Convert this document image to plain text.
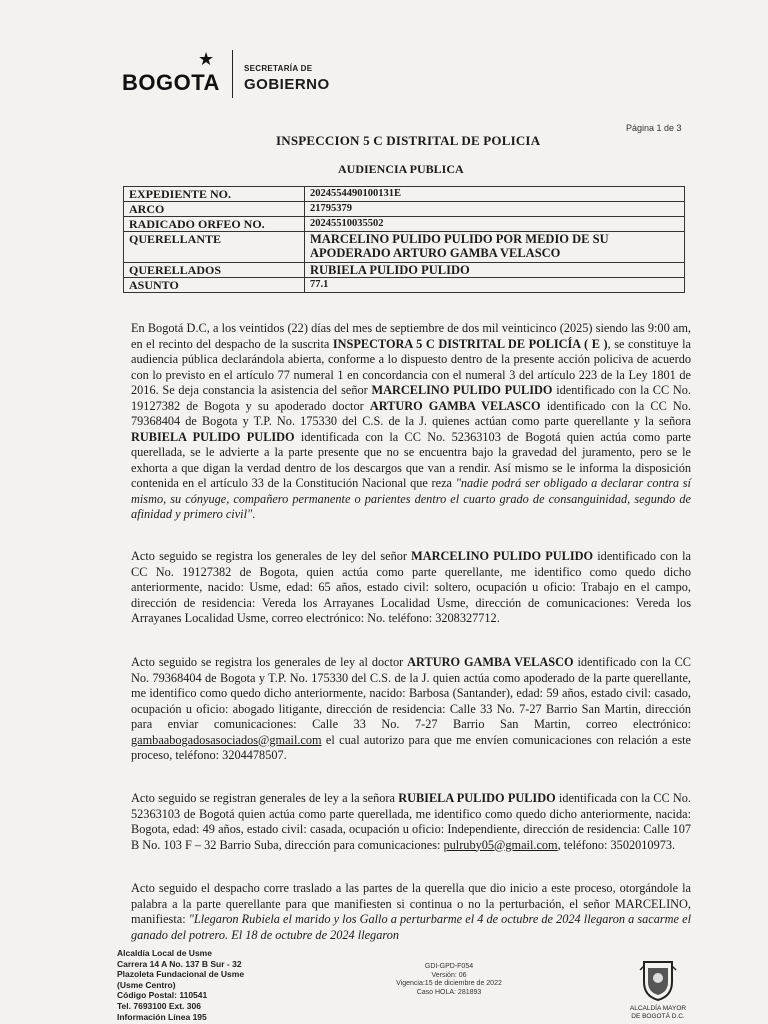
BOGOTA
★	SECRETARÍA DE
GOBIERNO
Página 1 de 3
INSPECCION 5 C DISTRITAL DE POLICIA
AUDIENCIA PUBLICA
EXPEDIENTE NO.	2024554490100131E
ARCO	21795379
RADICADO ORFEO NO.	20245510035502
QUERELLANTE	MARCELINO PULIDO PULIDO POR MEDIO DE SU APODERADO ARTURO GAMBA VELASCO
QUERELLADOS	RUBIELA PULIDO PULIDO
ASUNTO	77.1
En Bogotá D.C, a los veintidos (22) días del mes de septiembre de dos mil veinticinco (2025) siendo las 9:00 am, en el recinto del despacho de la suscrita INSPECTORA 5 C DISTRITAL DE POLICÍA ( E ), se constituye la audiencia pública declarándola abierta, conforme a lo dispuesto dentro de la presente acción policiva de acuerdo con lo previsto en el artículo 77 numeral 1 en concordancia con el numeral 3 del artículo 223 de la Ley 1801 de 2016. Se deja constancia la asistencia del señor MARCELINO PULIDO PULIDO identificado con la CC No. 19127382 de Bogota y su apoderado doctor ARTURO GAMBA VELASCO identificado con la CC No. 79368404 de Bogota y T.P. No. 175330 del C.S. de la J. quienes actúan como parte querellante y la señora RUBIELA PULIDO PULIDO identificada con la CC No. 52363103 de Bogotá quien actúa como parte querellada, se le advierte a la parte presente que no se encuentra bajo la gravedad del juramento, pero se le exhorta a que digan la verdad dentro de los descargos que van a rendir. Así mismo se le informa la disposición contenida en el artículo 33 de la Constitución Nacional que reza "nadie podrá ser obligado a declarar contra sí mismo, su cónyuge, compañero permanente o parientes dentro el cuarto grado de consanguinidad, segundo de afinidad y primero civil".
Acto seguido se registra los generales de ley del señor MARCELINO PULIDO PULIDO identificado con la CC No. 19127382 de Bogota, quien actúa como parte querellante, me identifico como quedo dicho anteriormente, nacido: Usme, edad: 65 años, estado civil: soltero, ocupación u oficio: Trabajo en el campo, dirección de residencia: Vereda los Arrayanes Localidad Usme, dirección de comunicaciones: Vereda los Arrayanes Localidad Usme, correo electrónico: No. teléfono: 3208327712.
Acto seguido se registra los generales de ley al doctor ARTURO GAMBA VELASCO identificado con la CC No. 79368404 de Bogota y T.P. No. 175330 del C.S. de la J. quien actúa como apoderado de la parte querellante, me identifico como quedo dicho anteriormente, nacido: Barbosa (Santander), edad: 59 años, estado civil: casado, ocupación u oficio: abogado litigante, dirección de residencia: Calle 33 No. 7-27 Barrio San Martin, dirección para enviar comunicaciones: Calle 33 No. 7-27 Barrio San Martin, correo electrónico: gambaabogadosasociados@gmail.com el cual autorizo para que me envíen comunicaciones con relación a este proceso, teléfono: 3204478507.
Acto seguido se registran generales de ley a la señora RUBIELA PULIDO PULIDO identificada con la CC No. 52363103 de Bogotá quien actúa como parte querellada, me identifico como quedo dicho anteriormente, nacida: Bogota, edad: 49 años, estado civil: casada, ocupación u oficio: Independiente, dirección de residencia: Calle 107 B No. 103 F – 32 Barrio Suba, dirección para comunicaciones: pulruby05@gmail.com, teléfono: 3502010973.
Acto seguido el despacho corre traslado a las partes de la querella que dio inicio a este proceso, otorgándole la palabra a la parte querellante para que manifiesten si continua o no la perturbación, el señor MARCELINO, manifiesta: "Llegaron Rubiela el marido y los Gallo a perturbarme el 4 de octubre de 2024 llegaron a sacarme el ganado del potrero. El 18 de octubre de 2024 llegaron
Alcaldía Local de Usme
Carrera 14 A No. 137 B Sur - 32
Plazoleta Fundacional de Usme
(Usme Centro)
Código Postal: 110541
Tel. 7693100 Ext. 306
Información Línea 195
GDI-GPD-F054
Versión: 06
Vigencia:15 de diciembre de 2022
Caso HOLA: 281893
ALCALDÍA MAYOR
DE BOGOTÁ D.C.
